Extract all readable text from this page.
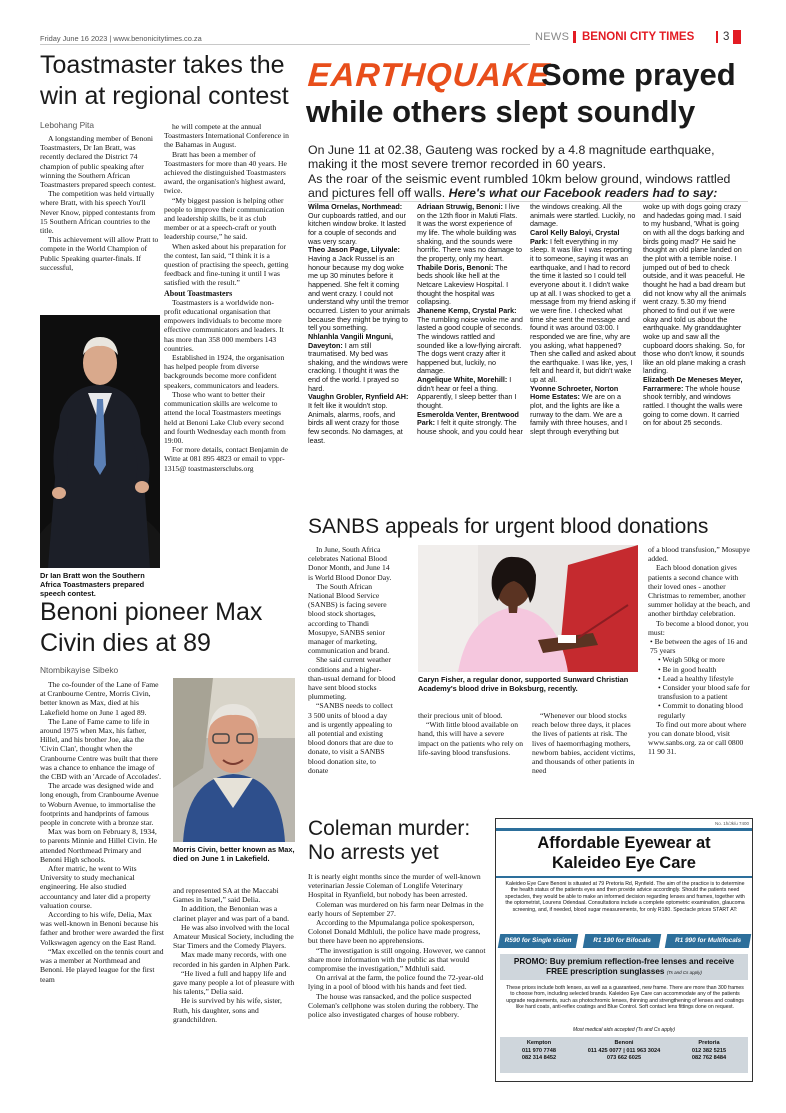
Friday June 16 2023 | www.benonicitytimes.co.za	NEWS BENONI CITY TIMES	3
Toastmaster takes the win at regional contest
Lebohang Pita

A longstanding member of Benoni Toastmasters, Dr Ian Bratt, was recently declared the District 74 champion of public speaking after winning the Southern African Toastmasters prepared speech contest.

The competition was held virtually where Bratt, with his speech You'll Never Know, pipped contestants from 15 Southern African countries to the title.

This achievement will allow Pratt to compete in the World Champion of Public Speaking quarter-finals. If successful,

he will compete at the annual Toastmasters International Conference in the Bahamas in August.

Bratt has been a member of Toastmasters for more than 40 years. He achieved the distinguished Toastmasters award, the organisation's highest award, twice.

“My biggest passion is helping other people to improve their communication and leadership skills, be it as club member or at a speech-craft or youth leadership course,” he said.

When asked about his preparation for the contest, Ian said, “I think it is a question of practising the speech, getting feedback and fine-tuning it until I was satisfied with the result.”

About Toastmasters

Toastmasters is a worldwide non-profit educational organisation that empowers individuals to become more effective communicators and leaders. It has more than 358 000 members 143 countries.

Established in 1924, the organisation has helped people from diverse backgrounds become more confident speakers, communicators and leaders.

Those who want to better their communication skills are welcome to attend the local Toastmasters meetings held at Benoni Lake Club every second and fourth Wednesday each month from 19:00.

For more details, contact Benjamin de Witte at 081 895 4823 or email to vppr-1315@ toastmastersclubs.org

Dr Ian Bratt won the Southern Africa Toastmasters prepared speech contest.
EARTHQUAKE
Some prayed
while others slept soundly
On June 11 at 02.38, Gauteng was rocked by a 4.8 magnitude earthquake, making it the most severe tremor recorded in 60 years.
As the roar of the seismic event rumbled 10km below ground, windows rattled and pictures fell off walls. Here's what our Facebook readers had to say:

Wilma Ornelas, Northmead: Our cupboards rattled, and our kitchen window broke. It lasted for a couple of seconds and was very scary.

Theo Jason Page, Lilyvale: Having a Jack Russel is an honour because my dog woke me up 30 minutes before it happened. She felt it coming and went crazy. I could not understand why until the tremor occurred. Listen to your animals because they might be trying to tell you something.

Nhlanhla Vangili Mnguni, Daveyton: I am still traumatised. My bed was shaking, and the windows were cracking. I thought it was the end of the world. I prayed so hard.

Vaughn Grobler, Rynfield AH: It felt like it wouldn't stop. Animals, alarms, roofs, and birds all went crazy for those few seconds. No damages, at least.

Adriaan Struwig, Benoni: I live on the 12th floor in Maluti Flats. It was the worst experience of my life. The whole building was shaking, and the sounds were horrific. There was no damage to the property, only my heart.

Thabile Doris, Benoni: The beds shook like hell at the Netcare Lakeview Hospital. I thought the hospital was collapsing.

Jhanene Kemp, Crystal Park: The rumbling noise woke me and lasted a good couple of seconds. The windows rattled and sounded like a low-flying aircraft. The dogs went crazy after it happened but, luckily, no damage.

Angelique White, Morehill: I didn't hear or feel a thing. Apparently, I sleep better than I thought.

Esmerolda Venter, Brentwood Park: I felt it quite strongly. The house shook, and you could hear

the windows creaking. All the animals were startled. Luckily, no damage.

Carol Kelly Baloyi, Crystal Park: I felt everything in my sleep. It was like I was reporting it to someone, saying it was an earthquake, and I had to record the time it lasted so I could tell everyone about it. I didn't wake up at all. I was shocked to get a message from my friend asking if we were fine. I checked what time she sent the message and found it was around 03:00. I responded we are fine, why are you asking, what happened? Then she called and asked about the earthquake. I was like, yes, I felt and heard it, but didn't wake up at all.

Yvonne Schroeter, Norton Home Estates: We are on a plot, and the lights are like a runway to the dam. We are a family with three houses, and I slept through everything but

woke up with dogs going crazy and hadedas going mad. I said to my husband, 'What is going on with all the dogs barking and birds going mad?' He said he thought an old plane landed on the plot with a terrible noise. I jumped out of bed to check outside, and it was peaceful. He thought he had a bad dream but did not know why all the animals went crazy. 5.30 my friend phoned to find out if we were okay and told us about the earthquake. My granddaughter woke up and saw all the cupboard doors shaking. So, for those who don't know, it sounds like an old plane making a crash landing.

Elizabeth De Meneses Meyer, Farrarmere: The whole house shook terribly, and windows rattled. I thought the walls were going to come down. It carried on for about 25 seconds.

SANBS appeals for urgent blood donations

In June, South Africa celebrates National Blood Donor Month, and June 14 is World Blood Donor Day.

The South African National Blood Service (SANBS) is facing severe blood stock shortages, according to Thandi Mosupye, SANBS senior manager of marketing, communication and brand.

She said current weather conditions and a higher-than-usual demand for blood have sent blood stocks plummeting.

“SANBS needs to collect 3 500 units of blood a day and is urgently appealing to all potential and existing blood donors that are due to donate, to visit a SANBS blood donation site, to donate

Caryn Fisher, a regular donor, supported Sunward Christian Academy's blood drive in Boksburg, recently.

their precious unit of blood.

“With little blood available on hand, this will have a severe impact on the patients who rely on life-saving blood transfusions.

“Whenever our blood stocks reach below three days, it places the lives of patients at risk. The lives of haemorrhaging mothers, newborn babies, accident victims, and thousands of other patients in need

of a blood transfusion,” Mosupye added.

Each blood donation gives patients a second chance with their loved ones - another Christmas to remember, another summer holiday at the beach, and another birthday celebration.

To become a blood donor, you must:

• Be between the ages of 16 and 75 years
• Weigh 50kg or more
• Be in good health
• Lead a healthy lifestyle
• Consider your blood safe for transfusion to a patient
• Commit to donating blood regularly

To find out more about where you can donate blood, visit www.sanbs.org. za or call 0800 11 90 31.

Benoni pioneer Max Civin dies at 89
Ntombikayise Sibeko

The co-founder of the Lane of Fame at Cranbourne Centre, Morris Civin, better known as Max, died at his Lakefield home on June 1 aged 89.

The Lane of Fame came to life in around 1975 when Max, his father, Hillel, and his brother Joe, aka the 'Civin Clan', thought when the Cranbourne Centre was built that there was a chance to enhance the image of the CBD with an 'Arcade of Accolades'.

The arcade was designed wide and long enough, from Cranbourne Avenue to Woburn Avenue, to immortalise the footprints and handprints of famous people in concrete with a bronze star.

Max was born on February 8, 1934, to parents Minnie and Hillel Civin. He attended Northmead Primary and Benoni High schools.

After matric, he went to Wits University to study mechanical engineering. He also studied accountancy and later did a property valuation course.

According to his wife, Delia, Max was well-known in Benoni because his father and brother were awarded the first Volkswagen agency on the East Rand.

“Max excelled on the tennis court and was a member at Northmead and Benoni. He played league for the first team

Morris Civin, better known as Max, died on June 1 in Lakefield.

and represented SA at the Maccabi Games in Israel,” said Delia.

In addition, the Benonian was a clarinet player and was part of a band.

He was also involved with the local Amateur Musical Society, including the Star Timers and the Comedy Players.

Max made many records, with one recorded in his garden in Alphen Park.

“He lived a full and happy life and gave many people a lot of pleasure with his talents,” Delia said.

He is survived by his wife, sister, Ruth, his daughter, sons and grandchildren.

Coleman murder:
No arrests yet

It is nearly eight months since the murder of well-known veterinarian Jessie Coleman of Longlife Veterinary Hospital in Ryanfield, but nobody has been arrested.

Coleman was murdered on his farm near Delmas in the early hours of September 27.

According to the Mpumalanga police spokesperson, Colonel Donald Mdhluli, the police have made progress, but there have been no apprehensions.

“The investigation is still ongoing. However, we cannot share more information with the public as that would compromise the investigation,” Mdhluli said.

On arrival at the farm, the police found the 72-year-old lying in a pool of blood with his hands and feet tied.

The house was ransacked, and the police suspected Coleman's cellphone was stolen during the robbery. The police also investigated charges of house robbery.

No. 1h/Jk/u 7400
Affordable Eyewear at
Kaleideo Eye Care
Kaleideo Eye Care Benoni is situated at 79 Pretoria Rd, Rynfield. The aim of the practice is to determine the health status of the patients eyes and then provide advice accordingly. Should the patients need spectacles, they would be able to make an informed decision regarding lenses and frames, together with the optometrist, Lourens Odendaal. Consultations include a complete optometric examination, glaucoma screening, and, if needed, blood sugar measurements, for only R180. Spectacle prices START AT:
R590 for Single vision	R1 190 for Bifocals	R1 990 for Multifocals
PROMO: Buy premium reflection-free lenses and receive
FREE prescription sunglasses (Ts and Cs apply)
These prices include both lenses, as well as a guaranteed, new frame. There are more than 300 frames to choose from, including selected brands. Kaleideo Eye Care can accommodate any of the patients upgrade requirements, such as photochromic lenses, thinning and strengthening of lenses and coatings like hard coats, anti-reflex coatings and Blue Control. Soft contact lens fittings done on request.
Most medical aids accepted (Ts and Cs apply)
Kempton
011 970 7748
082 314 8452
Benoni
011 425 0077 | 011 963 3024
073 662 6025
Pretoria
012 382 5215
082 762 8484
